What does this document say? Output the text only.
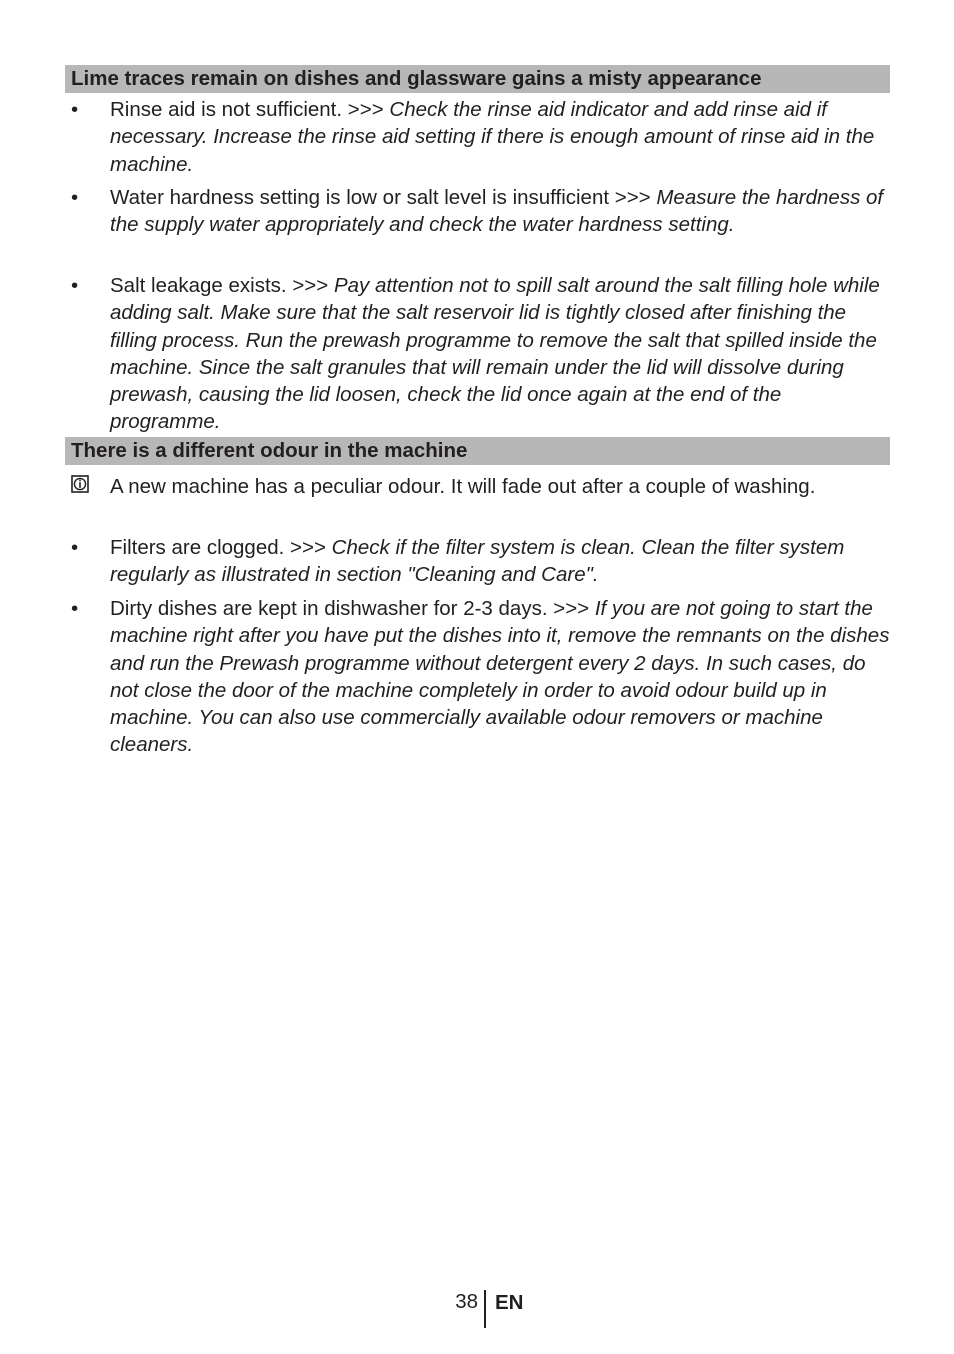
Lime traces remain on dishes and glassware gains a misty appearance
•	Rinse aid is not sufficient. >>> Check the rinse aid indicator and add rinse aid if necessary. Increase the rinse aid setting if there is enough amount of rinse aid in the machine.
•	Water hardness setting is low or salt level is insufficient >>> Measure the hardness of the supply water appropriately and check the water hardness setting.
•	Salt leakage exists. >>> Pay attention not to spill salt around the salt filling hole while adding salt. Make sure that the salt reservoir lid is tightly closed after finishing the filling process. Run the prewash programme to remove the salt that spilled inside the machine. Since the salt granules that will remain under the lid will dissolve during prewash, causing the lid loosen, check the lid once again at the end of the programme.
There is a different odour in the machine
A new machine has a peculiar odour. It will fade out after a couple of washing.
•	Filters are clogged. >>> Check if the filter system is clean. Clean the filter system regularly as illustrated in section "Cleaning and Care".
•	Dirty dishes are kept in dishwasher for 2-3 days. >>> If you are not going to start the machine right after you have put the dishes into it, remove the remnants on the dishes and run the Prewash programme without detergent every 2 days. In such cases, do not close the door of the machine completely in order to avoid odour build up in machine. You can also use commercially available odour removers or machine cleaners.
38 EN
